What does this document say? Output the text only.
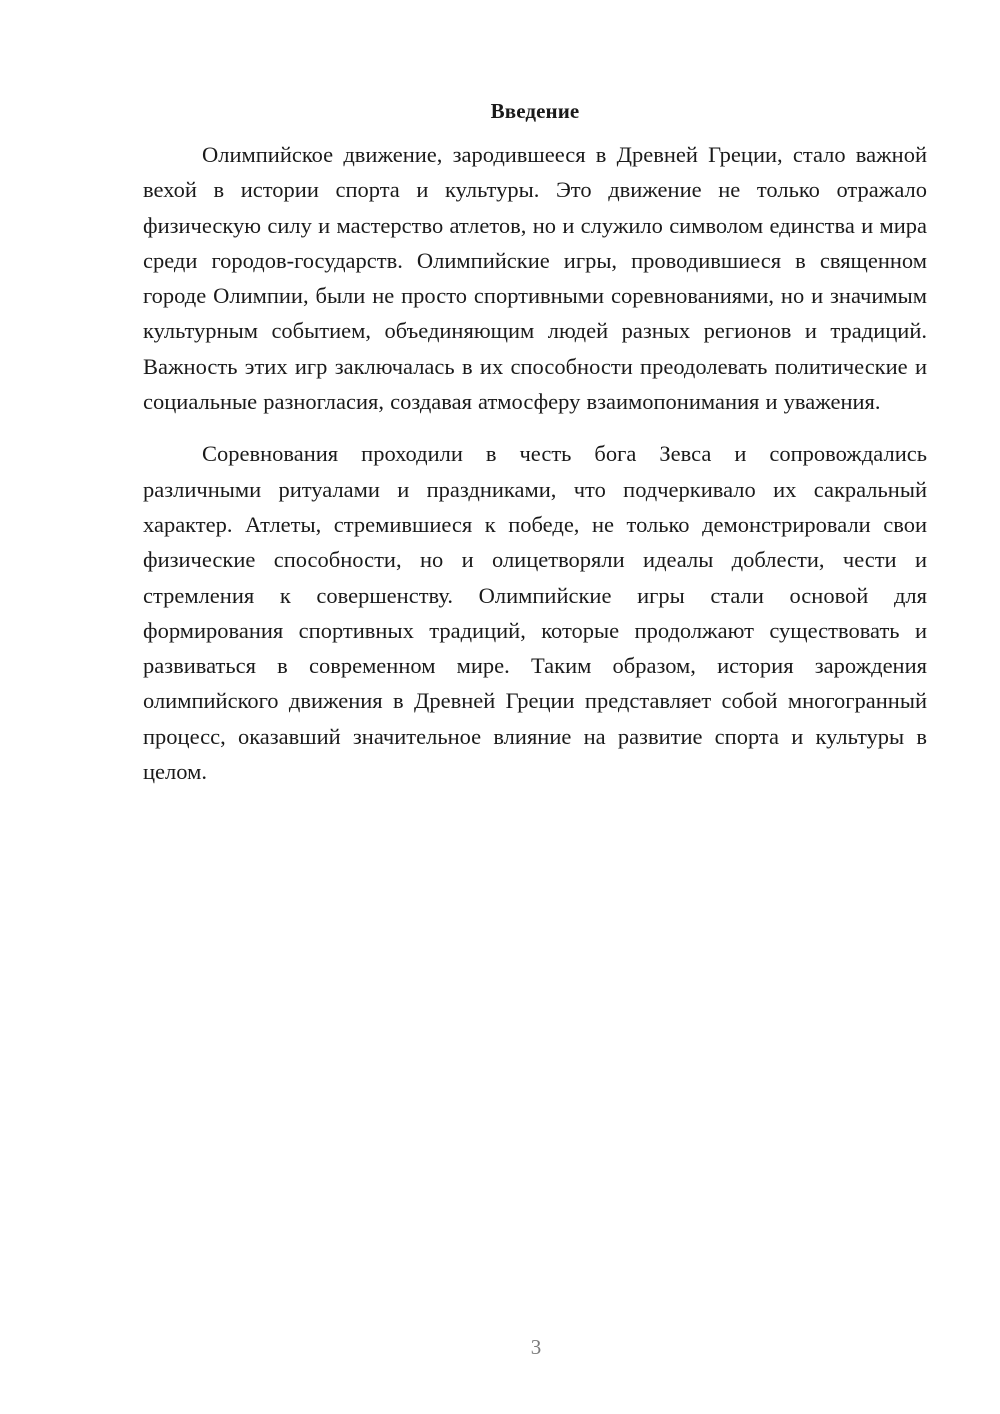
Введение

Олимпийское движение, зародившееся в Древней Греции, стало важной вехой в истории спорта и культуры. Это движение не только отражало физическую силу и мастерство атлетов, но и служило символом единства и мира среди городов-государств. Олимпийские игры, проводившиеся в священном городе Олимпии, были не просто спортивными соревнованиями, но и значимым культурным событием, объединяющим людей разных регионов и традиций. Важность этих игр заключалась в их способности преодолевать политические и социальные разногласия, создавая атмосферу взаимопонимания и уважения.

Соревнования проходили в честь бога Зевса и сопровождались различными ритуалами и праздниками, что подчеркивало их сакральный характер. Атлеты, стремившиеся к победе, не только демонстрировали свои физические способности, но и олицетворяли идеалы доблести, чести и стремления к совершенству. Олимпийские игры стали основой для формирования спортивных традиций, которые продолжают существовать и развиваться в современном мире. Таким образом, история зарождения олимпийского движения в Древней Греции представляет собой многогранный процесс, оказавший значительное влияние на развитие спорта и культуры в целом.

3
